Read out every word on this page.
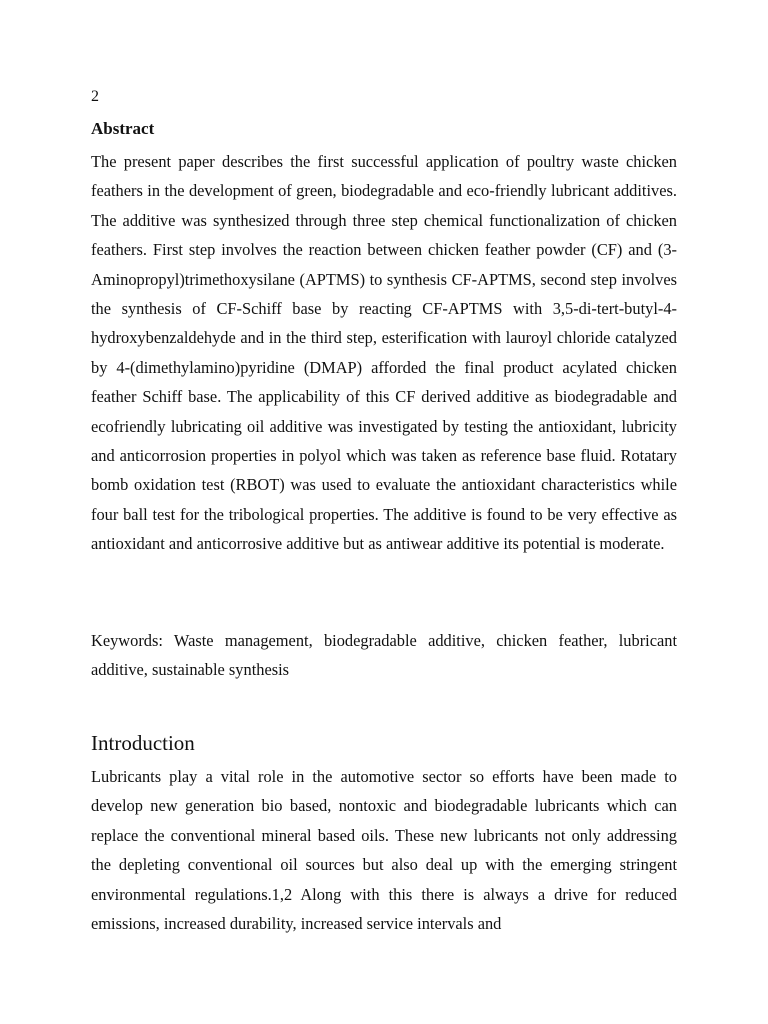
2
Abstract

The present paper describes the first successful application of poultry waste chicken feathers in the development of green, biodegradable and eco-friendly lubricant additives. The additive was synthesized through three step chemical functionalization of chicken feathers. First step involves the reaction between chicken feather powder (CF) and (3-Aminopropyl)trimethoxysilane (APTMS) to synthesis CF-APTMS, second step involves the synthesis of CF-Schiff base by reacting CF-APTMS with 3,5-di-tert-butyl-4-hydroxybenzaldehyde and in the third step, esterification with lauroyl chloride catalyzed by 4-(dimethylamino)pyridine (DMAP) afforded the final product acylated chicken feather Schiff base. The applicability of this CF derived additive as biodegradable and ecofriendly lubricating oil additive was investigated by testing the antioxidant, lubricity and anticorrosion properties in polyol which was taken as reference base fluid. Rotatary bomb oxidation test (RBOT) was used to evaluate the antioxidant characteristics while four ball test for the tribological properties. The additive is found to be very effective as antioxidant and anticorrosive additive but as antiwear additive its potential is moderate.

Keywords: Waste management, biodegradable additive, chicken feather, lubricant additive, sustainable synthesis

Introduction

Lubricants play a vital role in the automotive sector so efforts have been made to develop new generation bio based, nontoxic and biodegradable lubricants which can replace the conventional mineral based oils. These new lubricants not only addressing the depleting conventional oil sources but also deal up with the emerging stringent environmental regulations.1,2 Along with this there is always a drive for reduced emissions, increased durability, increased service intervals and
